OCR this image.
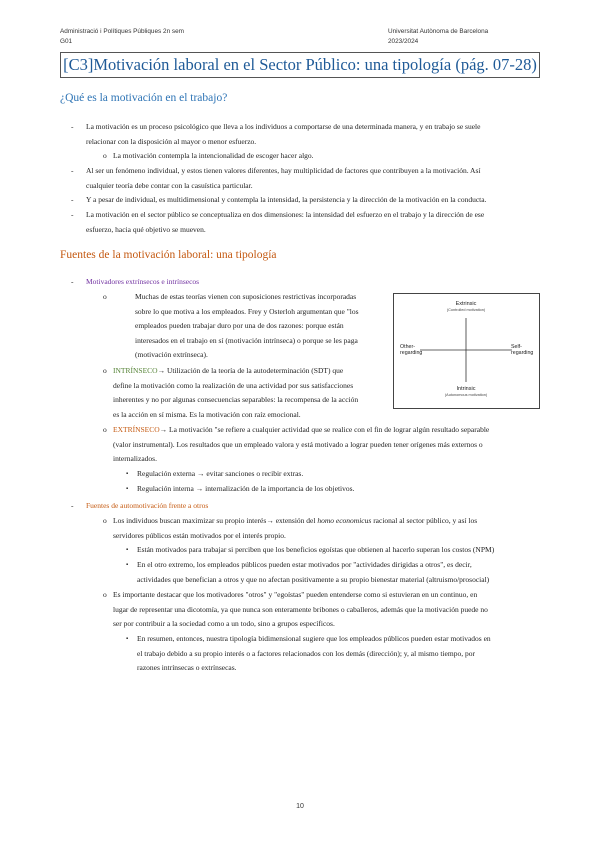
Administració i Polítiques Públiques 2n sem
G01
Universitat Autònoma de Barcelona
2023/2024
[C3]Motivación laboral en el Sector Público: una tipología (pág. 07-28)
¿Qué es la motivación en el trabajo?
- La motivación es un proceso psicológico que lleva a los individuos a comportarse de una determinada manera, y en trabajo se suele
relacionar con la disposición al mayor o menor esfuerzo.
o La motivación contempla la intencionalidad de escoger hacer algo.
- Al ser un fenómeno individual, y estos tienen valores diferentes, hay multiplicidad de factores que contribuyen a la motivación. Así
cualquier teoría debe contar con la casuística particular.
- Y a pesar de individual, es multidimensional y contempla la intensidad, la persistencia y la dirección de la motivación en la conducta.
- La motivación en el sector público se conceptualiza en dos dimensiones: la intensidad del esfuerzo en el trabajo y la dirección de ese
esfuerzo, hacia qué objetivo se mueven.
Fuentes de la motivación laboral: una tipología
- Motivadores extrínsecos e intrínsecos
o	Muchas de estas teorías vienen con suposiciones restrictivas incorporadas
sobre lo que motiva a los empleados. Frey y Osterloh argumentan que "los
empleados pueden trabajar duro por una de dos razones: porque están
interesados en el trabajo en sí (motivación intrínseca) o porque se les paga
(motivación extrínseca).
o INTRÍNSECO→ Utilización de la teoría de la autodeterminación (SDT) que
define la motivación como la realización de una actividad por sus satisfacciones
inherentes y no por algunas consecuencias separables: la recompensa de la acción
es la acción en sí misma. Es la motivación con raíz emocional.
Extrinsic
(Controlled motivation)
Intrinsic
(Autonomous motivation)
Other-
regarding
Self-
regarding
o EXTRÍNSECO→ La motivación "se refiere a cualquier actividad que se realice con el fin de lograr algún resultado separable
(valor instrumental). Los resultados que un empleado valora y está motivado a lograr pueden tener orígenes más externos o
internalizados.
▪ Regulación externa → evitar sanciones o recibir extras.
▪ Regulación interna → internalización de la importancia de los objetivos.
- Fuentes de automotivación frente a otros
o Los individuos buscan maximizar su propio interés→ extensión del homo economicus racional al sector público, y así los
servidores públicos están motivados por el interés propio.
▪ Están motivados para trabajar si perciben que los beneficios egoístas que obtienen al hacerlo superan los costos (NPM)
▪ En el otro extremo, los empleados públicos pueden estar motivados por "actividades dirigidas a otros", es decir,
actividades que benefician a otros y que no afectan positivamente a su propio bienestar material (altruismo/prosocial)
o Es importante destacar que los motivadores "otros" y "egoístas" pueden entenderse como si estuvieran en un continuo, en
lugar de representar una dicotomía, ya que nunca son enteramente bribones o caballeros, además que la motivación puede no
ser por contribuir a la sociedad como a un todo, sino a grupos específicos.
▪ En resumen, entonces, nuestra tipología bidimensional sugiere que los empleados públicos pueden estar motivados en
el trabajo debido a su propio interés o a factores relacionados con los demás (dirección); y, al mismo tiempo, por
razones intrínsecas o extrínsecas.
10
